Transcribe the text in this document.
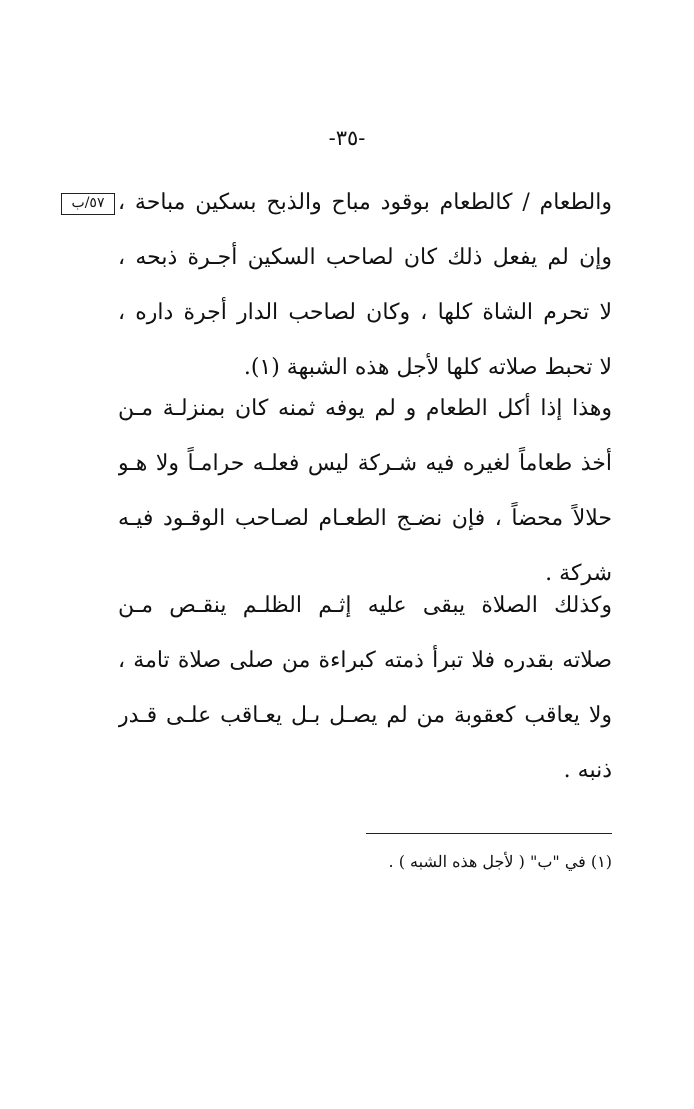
-٣٥-
٥٧/ب والطعام / كالطعام بوقود مباح والذبح بسكين مباحة ،
وإن لم يفعل ذلك كان لصاحب السكين أجـرة ذبحه ،
لا تحرم الشاة كلها ، وكان لصاحب الدار أجرة داره ،
لا تحبط صلاته كلها لأجل هذه الشبهة (١).
وهذا إذا أكل الطعام و لم يوفه ثمنه كان بمنزلـة مـن
أخذ طعاماً لغيره فيه شـركة ليس فعلـه حرامـاً ولا هـو
حلالاً محضاً ، فإن نضـج الطعـام لصـاحب الوقـود فيـه
شركة .
وكذلك الصلاة يبقى عليه إثـم الظلـم ينقـص مـن
صلاته بقدره فلا تبرأ ذمته كبراءة من صلى صلاة تامة ،
ولا يعاقب كعقوبة من لم يصـل بـل يعـاقب علـى قـدر
ذنبه .
(١) في "ب" ( لأجل هذه الشبه ) .
